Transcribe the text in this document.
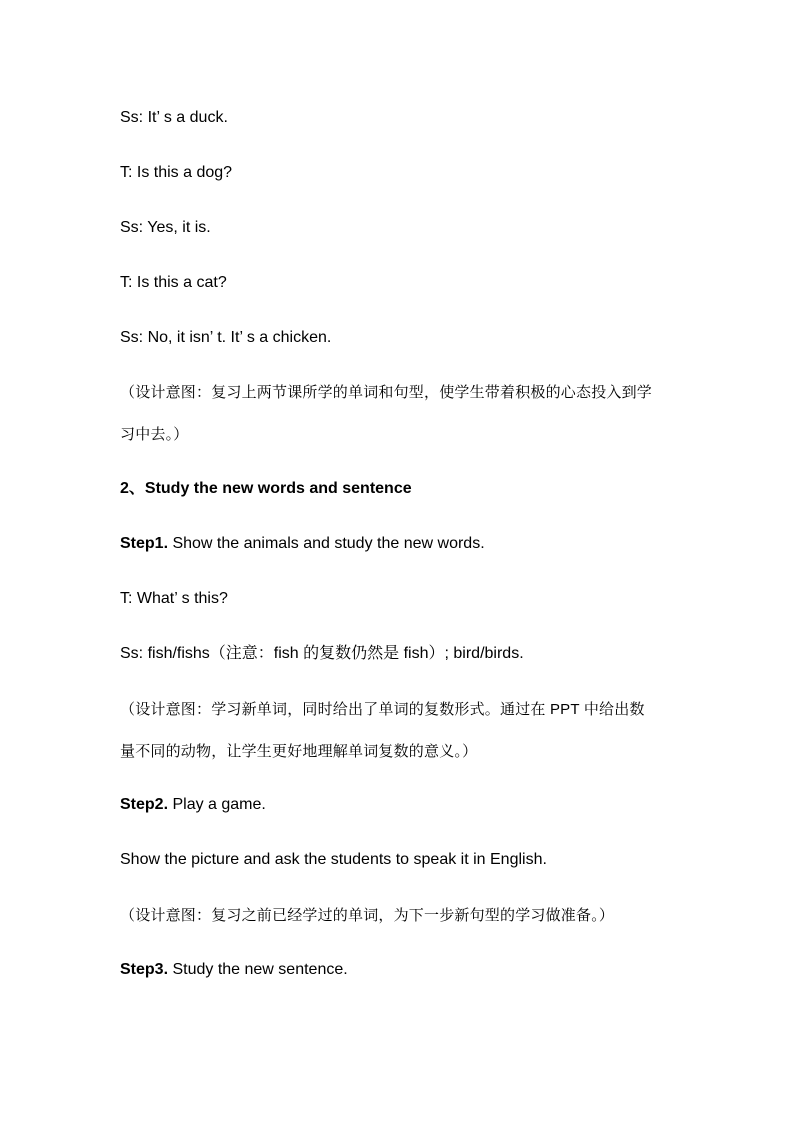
Ss: It’ s a duck.
T: Is this a dog?
Ss: Yes, it is.
T: Is this a cat?
Ss: No, it isn’ t. It’ s a chicken.
（设计意图：复习上两节课所学的单词和句型，使学生带着积极的心态投入到学
习中去。）
2、Study the new words and sentence
Step1. Show the animals and study the new words.
T: What’ s this?
Ss: fish/fishs（注意：fish 的复数仍然是 fish）; bird/birds.
（设计意图：学习新单词，同时给出了单词的复数形式。通过在 PPT 中给出数
量不同的动物，让学生更好地理解单词复数的意义。）
Step2. Play a game.
Show the picture and ask the students to speak it in English.
（设计意图：复习之前已经学过的单词，为下一步新句型的学习做准备。）
Step3. Study the new sentence.
